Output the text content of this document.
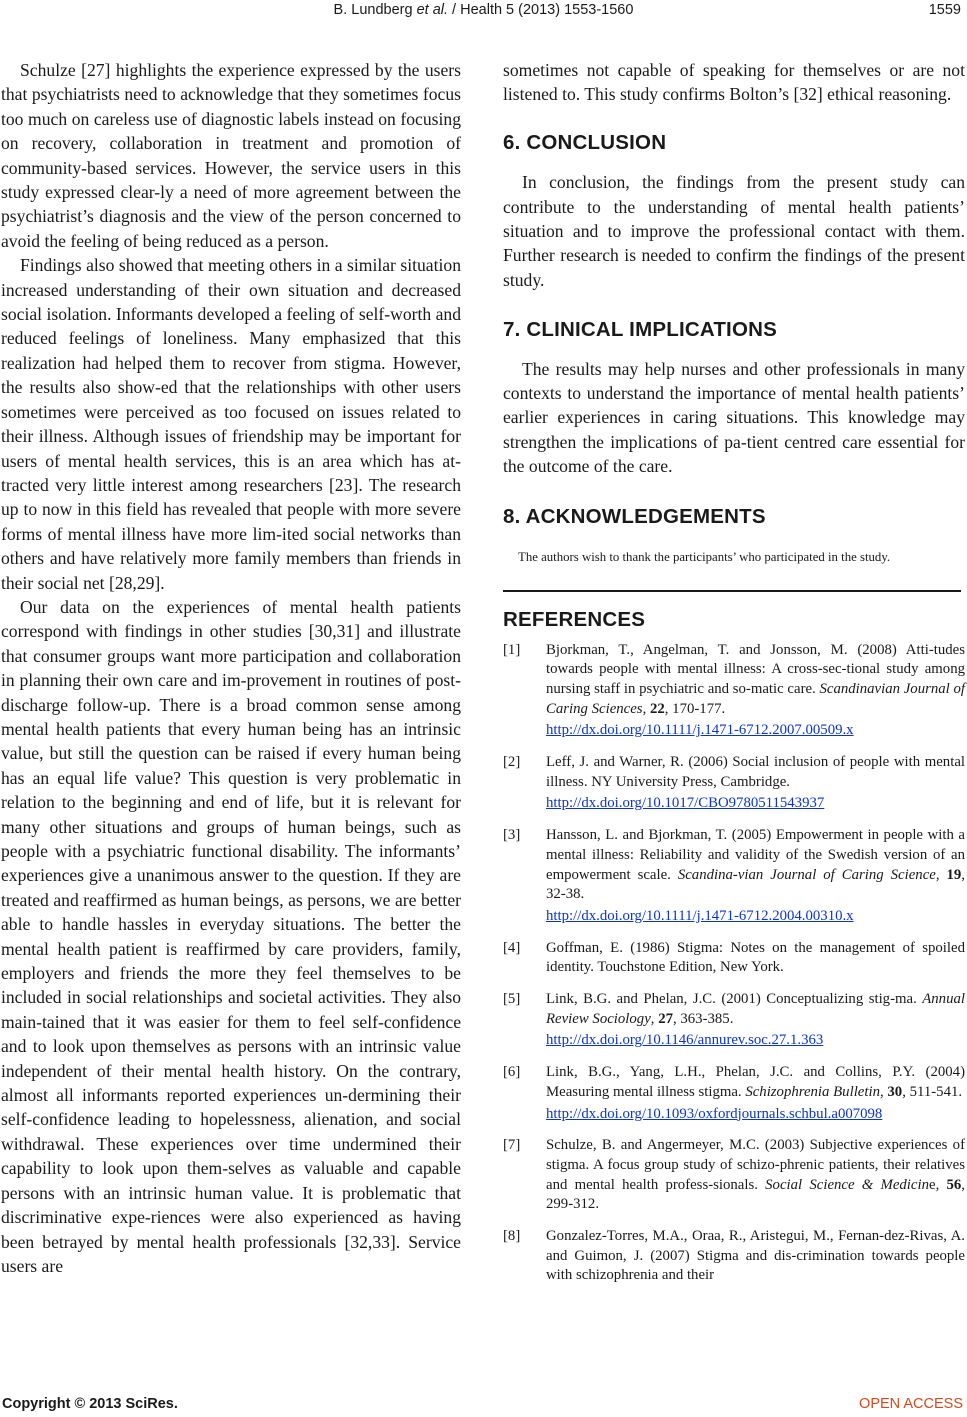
B. Lundberg et al. / Health 5 (2013) 1553-1560	1559

Schulze [27] highlights the experience expressed by the users that psychiatrists need to acknowledge that they sometimes focus too much on careless use of diagnostic labels instead on focusing on recovery, collaboration in treatment and promotion of community-based services. However, the service users in this study expressed clear-ly a need of more agreement between the psychiatrist’s diagnosis and the view of the person concerned to avoid the feeling of being reduced as a person.

Findings also showed that meeting others in a similar situation increased understanding of their own situation and decreased social isolation. Informants developed a feeling of self-worth and reduced feelings of loneliness. Many emphasized that this realization had helped them to recover from stigma. However, the results also show-ed that the relationships with other users sometimes were perceived as too focused on issues related to their illness. Although issues of friendship may be important for users of mental health services, this is an area which has at-tracted very little interest among researchers [23]. The research up to now in this field has revealed that people with more severe forms of mental illness have more lim-ited social networks than others and have relatively more family members than friends in their social net [28,29].

Our data on the experiences of mental health patients correspond with findings in other studies [30,31] and illustrate that consumer groups want more participation and collaboration in planning their own care and im-provement in routines of post-discharge follow-up. There is a broad common sense among mental health patients that every human being has an intrinsic value, but still the question can be raised if every human being has an equal life value? This question is very problematic in relation to the beginning and end of life, but it is relevant for many other situations and groups of human beings, such as people with a psychiatric functional disability. The informants’ experiences give a unanimous answer to the question. If they are treated and reaffirmed as human beings, as persons, we are better able to handle hassles in everyday situations. The better the mental health patient is reaffirmed by care providers, family, employers and friends the more they feel themselves to be included in social relationships and societal activities. They also main-tained that it was easier for them to feel self-confidence and to look upon themselves as persons with an intrinsic value independent of their mental health history. On the contrary, almost all informants reported experiences un-dermining their self-confidence leading to hopelessness, alienation, and social withdrawal. These experiences over time undermined their capability to look upon them-selves as valuable and capable persons with an intrinsic human value. It is problematic that discriminative expe-riences were also experienced as having been betrayed by mental health professionals [32,33]. Service users are

sometimes not capable of speaking for themselves or are not listened to. This study confirms Bolton’s [32] ethical reasoning.

6. CONCLUSION

In conclusion, the findings from the present study can contribute to the understanding of mental health patients’ situation and to improve the professional contact with them. Further research is needed to confirm the findings of the present study.

7. CLINICAL IMPLICATIONS

The results may help nurses and other professionals in many contexts to understand the importance of mental health patients’ earlier experiences in caring situations. This knowledge may strengthen the implications of pa-tient centred care essential for the outcome of the care.

8. ACKNOWLEDGEMENTS

The authors wish to thank the participants’ who participated in the study.

REFERENCES
[1] Bjorkman, T., Angelman, T. and Jonsson, M. (2008) Atti-tudes towards people with mental illness: A cross-sec-tional study among nursing staff in psychiatric and so-matic care. Scandinavian Journal of Caring Sciences, 22, 170-177.
http://dx.doi.org/10.1111/j.1471-6712.2007.00509.x
[2] Leff, J. and Warner, R. (2006) Social inclusion of people with mental illness. NY University Press, Cambridge.
http://dx.doi.org/10.1017/CBO9780511543937
[3] Hansson, L. and Bjorkman, T. (2005) Empowerment in people with a mental illness: Reliability and validity of the Swedish version of an empowerment scale. Scandina-vian Journal of Caring Science, 19, 32-38.
http://dx.doi.org/10.1111/j.1471-6712.2004.00310.x
[4] Goffman, E. (1986) Stigma: Notes on the management of spoiled identity. Touchstone Edition, New York.
[5] Link, B.G. and Phelan, J.C. (2001) Conceptualizing stig-ma. Annual Review Sociology, 27, 363-385.
http://dx.doi.org/10.1146/annurev.soc.27.1.363
[6] Link, B.G., Yang, L.H., Phelan, J.C. and Collins, P.Y. (2004) Measuring mental illness stigma. Schizophrenia Bulletin, 30, 511-541.
http://dx.doi.org/10.1093/oxfordjournals.schbul.a007098
[7] Schulze, B. and Angermeyer, M.C. (2003) Subjective experiences of stigma. A focus group study of schizo-phrenic patients, their relatives and mental health profess-sionals. Social Science & Medicine, 56, 299-312.
[8] Gonzalez-Torres, M.A., Oraa, R., Aristegui, M., Fernan-dez-Rivas, A. and Guimon, J. (2007) Stigma and dis-crimination towards people with schizophrenia and their
Copyright © 2013 SciRes.	OPEN ACCESS
